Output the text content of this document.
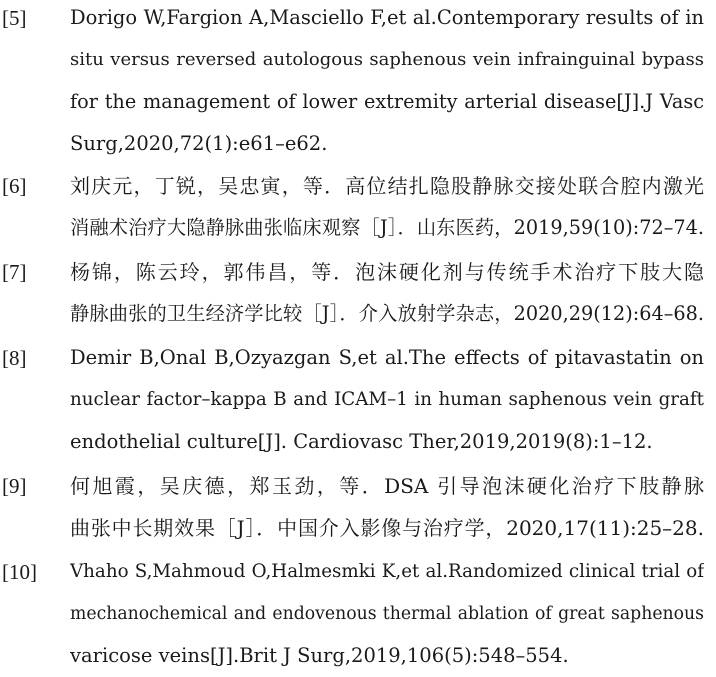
[5] Dorigo W,Fargion A,Masciello F,et al.Contemporary results of in
situ versus reversed autologous saphenous vein infrainguinal bypass
for the management of lower extremity arterial disease[J].J Vasc
Surg,2020,72(1):e61–e62.
[6] 刘庆元，丁锐，吴忠寅，等．高位结扎隐股静脉交接处联合腔内激光
消融术治疗大隐静脉曲张临床观察［J］．山东医药，2019,59(10):72–74.
[7] 杨锦，陈云玲，郭伟昌，等．泡沫硬化剂与传统手术治疗下肢大隐
静脉曲张的卫生经济学比较［J］．介入放射学杂志，2020,29(12):64–68.
[8] Demir B,Onal B,Ozyazgan S,et al.The effects of pitavastatin on
nuclear factor–kappa B and ICAM–1 in human saphenous vein graft
endothelial culture[J]. Cardiovasc Ther,2019,2019(8):1–12.
[9] 何旭霞，吴庆德，郑玉劲，等．DSA 引导泡沫硬化治疗下肢静脉
曲张中长期效果［J］．中国介入影像与治疗学，2020,17(11):25–28.
[10] Vhaho S,Mahmoud O,Halmesmki K,et al.Randomized clinical trial of
mechanochemical and endovenous thermal ablation of great saphenous
varicose veins[J].Brit J Surg,2019,106(5):548–554.
